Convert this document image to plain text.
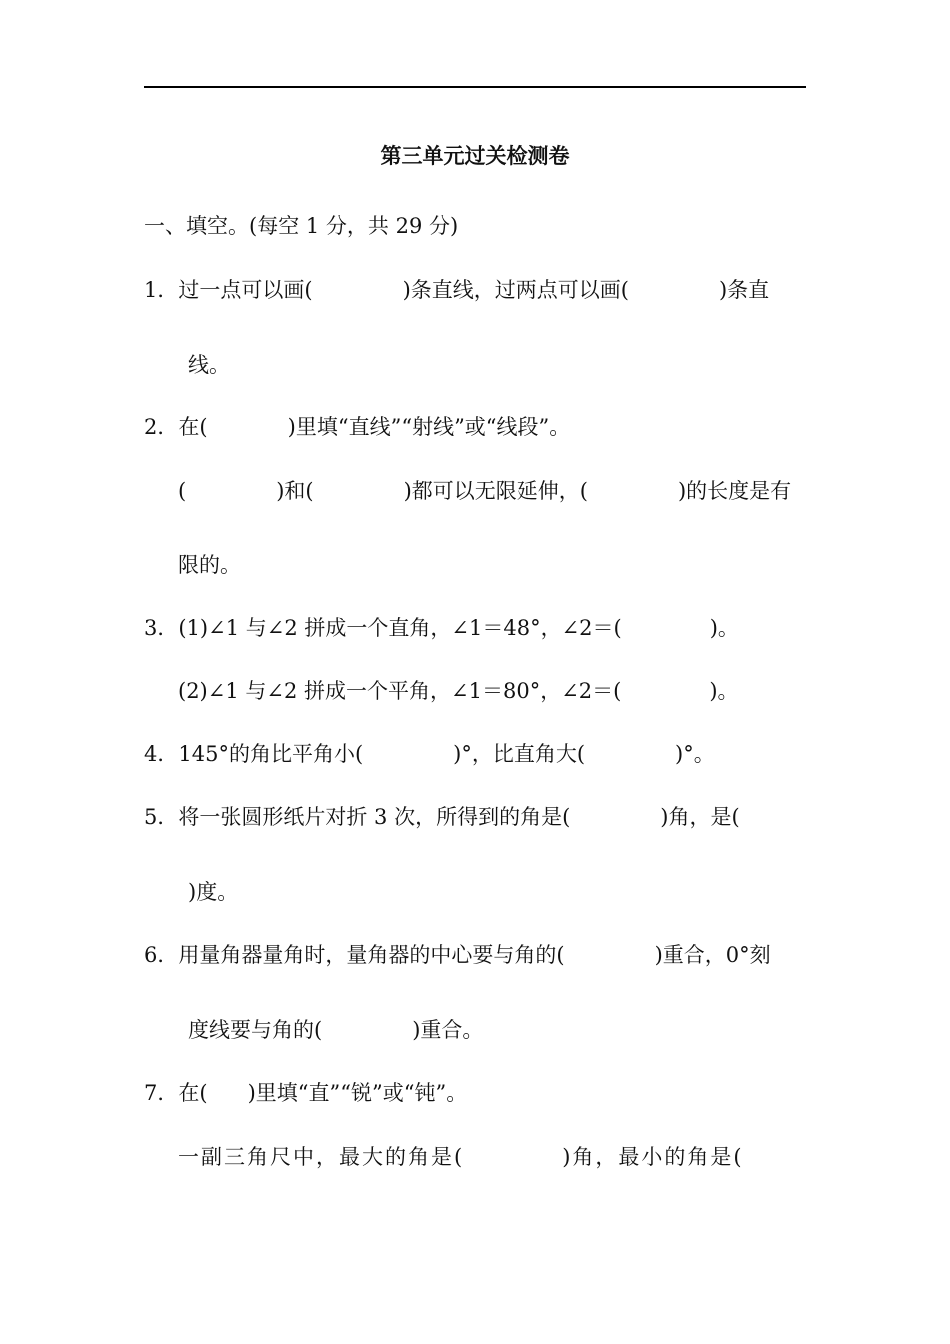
第三单元过关检测卷
一、填空。(每空 1 分，共 29 分)
1． 过一点可以画(	)条直线，过两点可以画(	)条直
线。
2． 在(            )里填“直线”“射线”或“线段”。
(	)和(	)都可以无限延伸，(	)的长度是有
限的。
3． (1)∠1 与∠2 拼成一个直角，∠1＝48°，∠2＝(	)。
(2)∠1 与∠2 拼成一个平角，∠1＝80°，∠2＝(	)。
4． 145°的角比平角小(	)°，比直角大(	)°。
5． 将一张圆形纸片对折 3 次，所得到的角是(	)角，是(
)度。
6． 用量角器量角时，量角器的中心要与角的(	)重合，0°刻
度线要与角的(	)重合。
7． 在(      )里填“直”“锐”或“钝”。
一副三角尺中，最大的角是(	)角，最小的角是(
